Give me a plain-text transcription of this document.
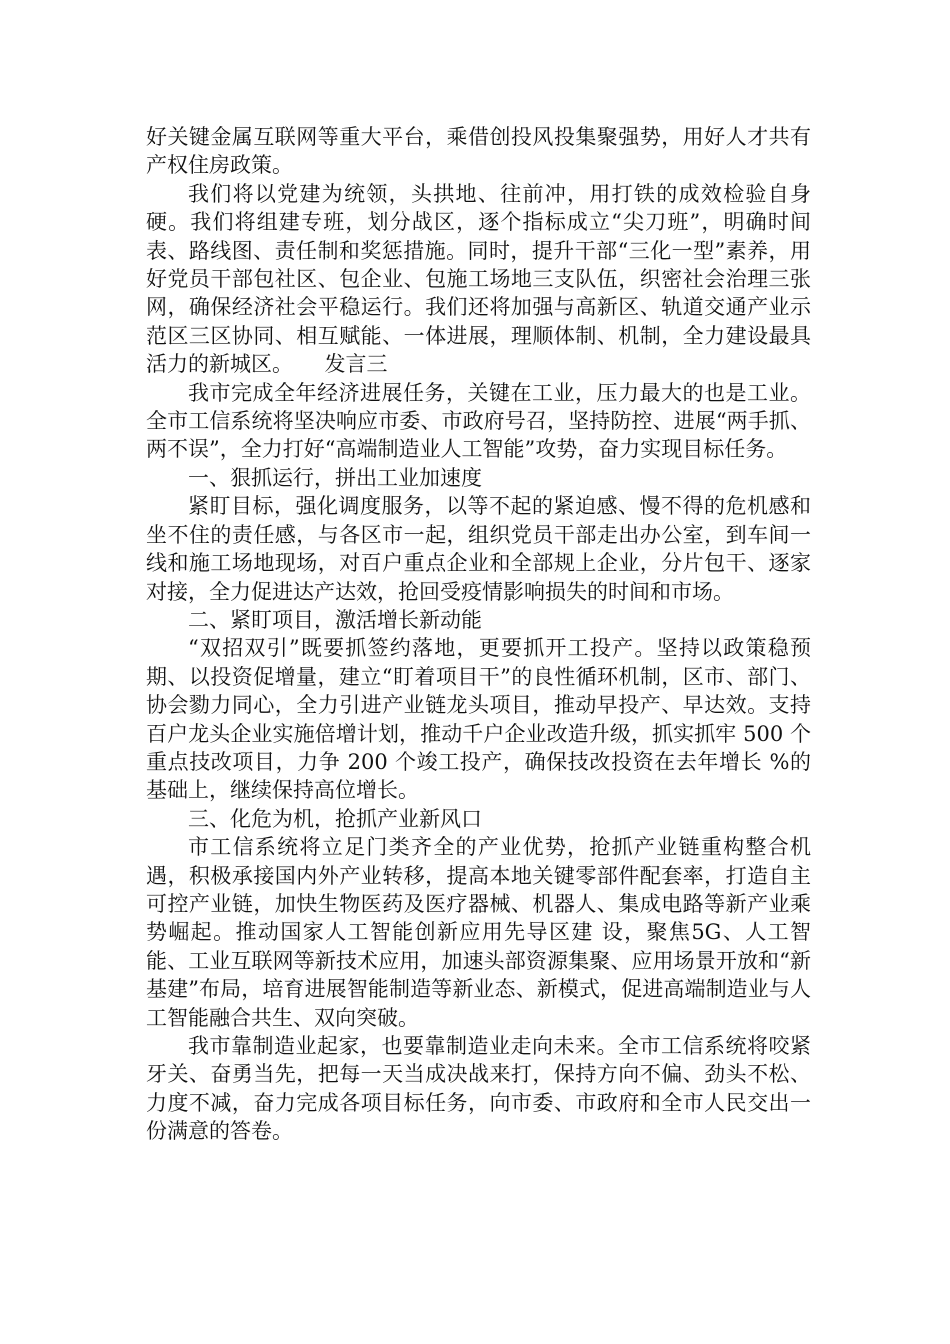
好关键金属互联网等重大平台，乘借创投风投集聚强势，用好人才共有产权住房政策。

我们将以党建为统领，头拱地、往前冲，用打铁的成效检验自身硬。我们将组建专班，划分战区，逐个指标成立“尖刀班”，明确时间表、路线图、责任制和奖惩措施。同时，提升干部“三化一型”素养，用好党员干部包社区、包企业、包施工场地三支队伍，织密社会治理三张网，确保经济社会平稳运行。我们还将加强与高新区、轨道交通产业示范区三区协同、相互赋能、一体进展，理顺体制、机制，全力建设最具活力的新城区。　　发言三

我市完成全年经济进展任务，关键在工业，压力最大的也是工业。全市工信系统将坚决响应市委、市政府号召，坚持防控、进展“两手抓、两不误”，全力打好“高端制造业人工智能”攻势，奋力实现目标任务。

一、狠抓运行，拼出工业加速度

紧盯目标，强化调度服务，以等不起的紧迫感、慢不得的危机感和坐不住的责任感，与各区市一起，组织党员干部走出办公室，到车间一线和施工场地现场，对百户重点企业和全部规上企业，分片包干、逐家对接，全力促进达产达效，抢回受疫情影响损失的时间和市场。

二、紧盯项目，激活增长新动能

“双招双引”既要抓签约落地，更要抓开工投产。坚持以政策稳预期、以投资促增量，建立“盯着项目干”的良性循环机制，区市、部门、协会勠力同心，全力引进产业链龙头项目，推动早投产、早达效。支持百户龙头企业实施倍增计划，推动千户企业改造升级，抓实抓牢 500 个重点技改项目，力争 200 个竣工投产，确保技改投资在去年增长 %的基础上，继续保持高位增长。

三、化危为机，抢抓产业新风口

市工信系统将立足门类齐全的产业优势，抢抓产业链重构整合机遇，积极承接国内外产业转移，提高本地关键零部件配套率，打造自主可控产业链，加快生物医药及医疗器械、机器人、集成电路等新产业乘势崛起。推动国家人工智能创新应用先导区建 设，聚焦5G、人工智能、工业互联网等新技术应用，加速头部资源集聚、应用场景开放和“新基建”布局，培育进展智能制造等新业态、新模式，促进高端制造业与人工智能融合共生、双向突破。

我市靠制造业起家，也要靠制造业走向未来。全市工信系统将咬紧牙关、奋勇当先，把每一天当成决战来打，保持方向不偏、劲头不松、力度不减，奋力完成各项目标任务，向市委、市政府和全市人民交出一份满意的答卷。
